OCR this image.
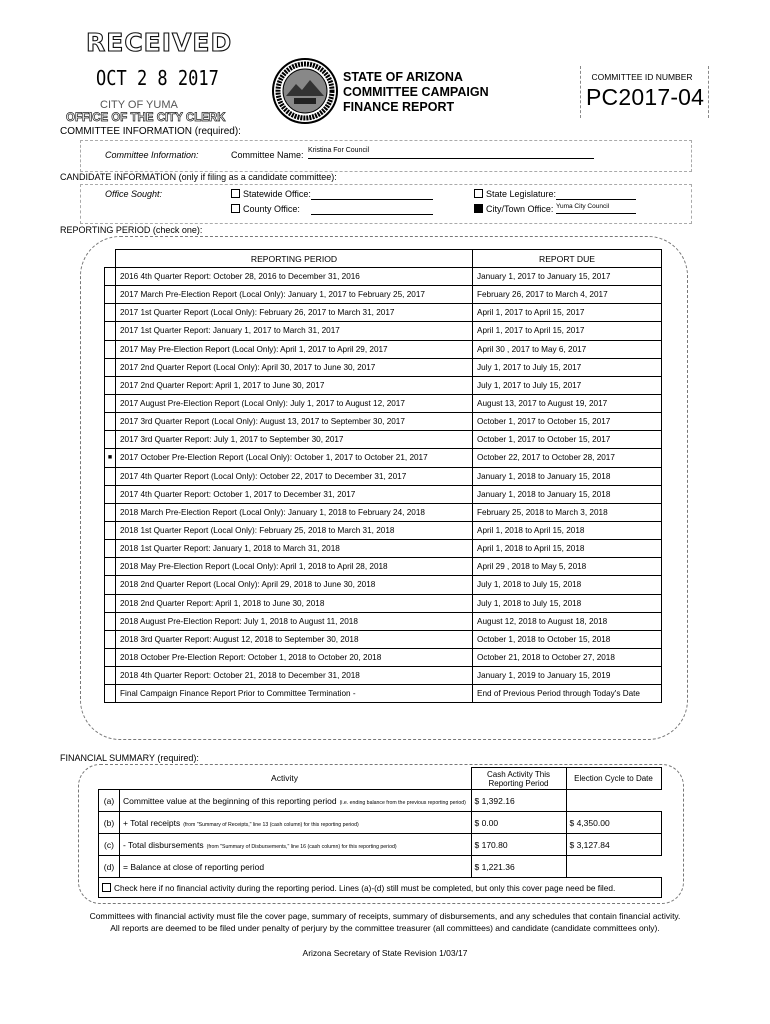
RECEIVED
OCT 2 8 2017
CITY OF YUMA
OFFICE OF THE CITY CLERK
STATE OF ARIZONA
COMMITTEE CAMPAIGN
FINANCE REPORT
COMMITTEE ID NUMBER
PC2017-04
COMMITTEE INFORMATION (required):
Committee Information:	Committee Name: Kristina For Council
CANDIDATE INFORMATION (only if filing as a candidate committee):
Office Sought:	Statewide Office:
County Office:
State Legislature:
City/Town Office: Yuma City Council
REPORTING PERIOD (check one):
	REPORTING PERIOD	REPORT DUE
	2016 4th Quarter Report: October 28, 2016 to December 31, 2016	January 1, 2017 to January 15, 2017
	2017 March Pre-Election Report (Local Only): January 1, 2017 to February 25, 2017	February 26, 2017 to March 4, 2017
	2017 1st Quarter Report (Local Only): February 26, 2017 to March 31, 2017	April 1, 2017 to April 15, 2017
	2017 1st Quarter Report: January 1, 2017 to March 31, 2017	April 1, 2017 to April 15, 2017
	2017 May Pre-Election Report (Local Only): April 1, 2017 to April 29, 2017	April 30 , 2017 to May 6, 2017
	2017 2nd Quarter Report (Local Only): April 30, 2017 to June 30, 2017	July 1, 2017 to July 15, 2017
	2017 2nd Quarter Report: April 1, 2017 to June 30, 2017	July 1, 2017 to July 15, 2017
	2017 August Pre-Election Report (Local Only): July 1, 2017 to August 12, 2017	August 13, 2017 to August 19, 2017
	2017 3rd Quarter Report (Local Only): August 13, 2017 to September 30, 2017	October 1, 2017 to October 15, 2017
	2017 3rd Quarter Report: July 1, 2017 to September 30, 2017	October 1, 2017 to October 15, 2017
■	2017 October Pre-Election Report (Local Only): October 1, 2017 to October 21, 2017	October 22, 2017 to October 28, 2017
	2017 4th Quarter Report (Local Only): October 22, 2017 to December 31, 2017	January 1, 2018 to January 15, 2018
	2017 4th Quarter Report: October 1, 2017 to December 31, 2017	January 1, 2018 to January 15, 2018
	2018 March Pre-Election Report (Local Only): January 1, 2018 to February 24, 2018	February 25, 2018 to March 3, 2018
	2018 1st Quarter Report (Local Only): February 25, 2018 to March 31, 2018	April 1, 2018 to April 15, 2018
	2018 1st Quarter Report: January 1, 2018 to March 31, 2018	April 1, 2018 to April 15, 2018
	2018 May Pre-Election Report (Local Only): April 1, 2018 to April 28, 2018	April 29 , 2018 to May 5, 2018
	2018 2nd Quarter Report (Local Only): April 29, 2018 to June 30, 2018	July 1, 2018 to July 15, 2018
	2018 2nd Quarter Report: April 1, 2018 to June 30, 2018	July 1, 2018 to July 15, 2018
	2018 August Pre-Election Report: July 1, 2018 to August 11, 2018	August 12, 2018 to August 18, 2018
	2018 3rd Quarter Report: August 12, 2018 to September 30, 2018	October 1, 2018 to October 15, 2018
	2018 October Pre-Election Report: October 1, 2018 to October 20, 2018	October 21, 2018 to October 27, 2018
	2018 4th Quarter Report: October 21, 2018 to December 31, 2018	January 1, 2019 to January 15, 2019
	Final Campaign Finance Report Prior to Committee Termination -	End of Previous Period through Today's Date
FINANCIAL SUMMARY (required):
Activity		Cash Activity This Reporting Period	Election Cycle to Date
(a)	Committee value at the beginning of this reporting period (i.e. ending balance from the previous reporting period)	$ 1,392.16	
(b)	+ Total receipts (from "Summary of Receipts," line 13 (cash column) for this reporting period)	$ 0.00	$ 4,350.00
(c)	- Total disbursements (from "Summary of Disbursements," line 16 (cash column) for this reporting period)	$ 170.80	$ 3,127.84
(d)	= Balance at close of reporting period	$ 1,221.36	
Check here if no financial activity during the reporting period. Lines (a)-(d) still must be completed, but only this cover page need be filed.			
Committees with financial activity must file the cover page, summary of receipts, summary of disbursements, and any schedules that contain financial activity.
All reports are deemed to be filed under penalty of perjury by the committee treasurer (all committees) and candidate (candidate committees only).
Arizona Secretary of State Revision 1/03/17
